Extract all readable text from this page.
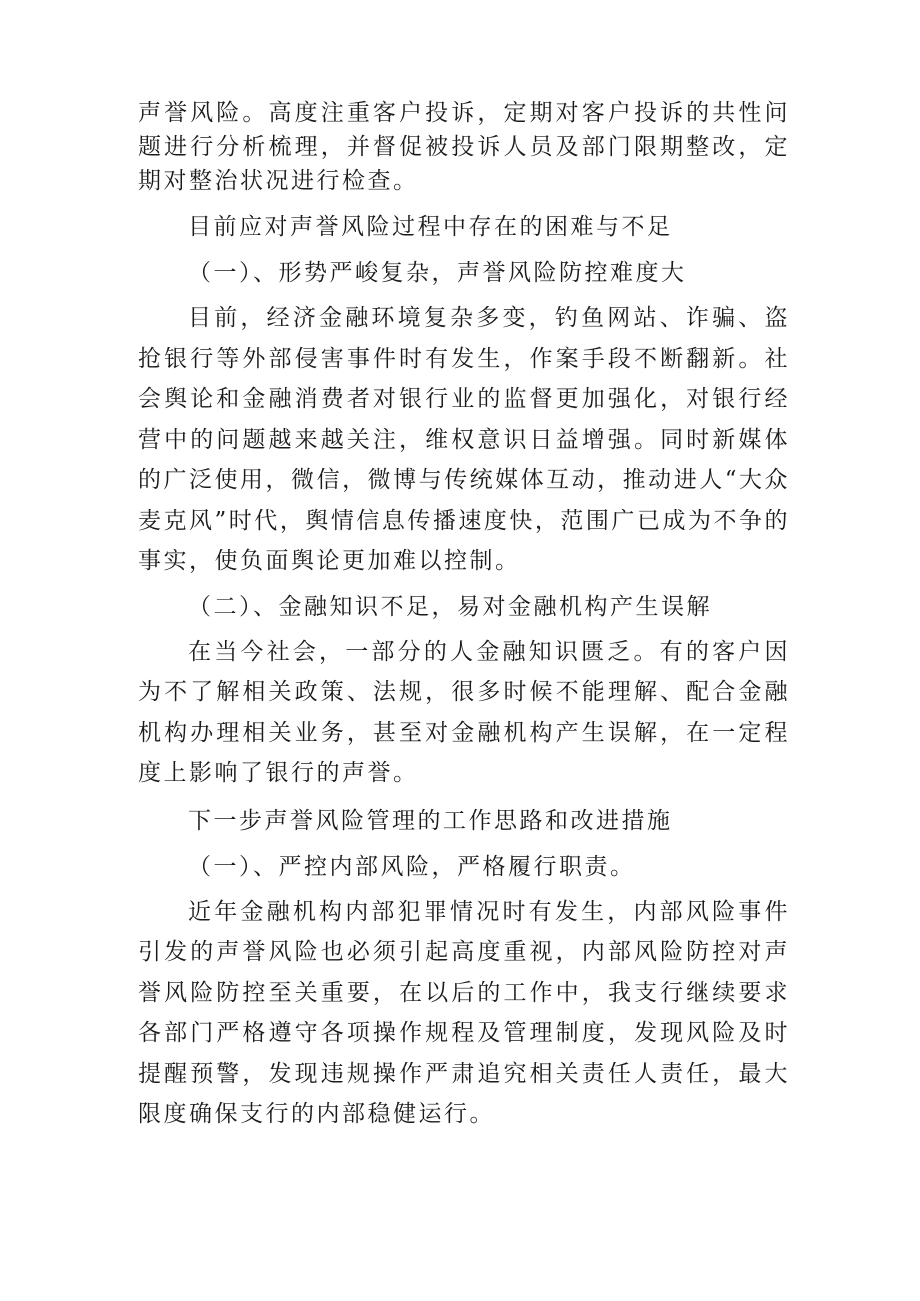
声誉风险。高度注重客户投诉，定期对客户投诉的共性问题进行分析梳理，并督促被投诉人员及部门限期整改，定期对整治状况进行检查。

目前应对声誉风险过程中存在的困难与不足

（一）、形势严峻复杂，声誉风险防控难度大

目前，经济金融环境复杂多变，钓鱼网站、诈骗、盗抢银行等外部侵害事件时有发生，作案手段不断翻新。社会舆论和金融消费者对银行业的监督更加强化，对银行经营中的问题越来越关注，维权意识日益增强。同时新媒体的广泛使用，微信，微博与传统媒体互动，推动进人“大众麦克风”时代，舆情信息传播速度快，范围广已成为不争的事实，使负面舆论更加难以控制。

（二）、金融知识不足，易对金融机构产生误解

在当今社会，一部分的人金融知识匮乏。有的客户因为不了解相关政策、法规，很多时候不能理解、配合金融机构办理相关业务，甚至对金融机构产生误解，在一定程度上影响了银行的声誉。

下一步声誉风险管理的工作思路和改进措施

（一）、严控内部风险，严格履行职责。

近年金融机构内部犯罪情况时有发生，内部风险事件引发的声誉风险也必须引起高度重视，内部风险防控对声誉风险防控至关重要，在以后的工作中，我支行继续要求各部门严格遵守各项操作规程及管理制度，发现风险及时提醒预警，发现违规操作严肃追究相关责任人责任，最大限度确保支行的内部稳健运行。
